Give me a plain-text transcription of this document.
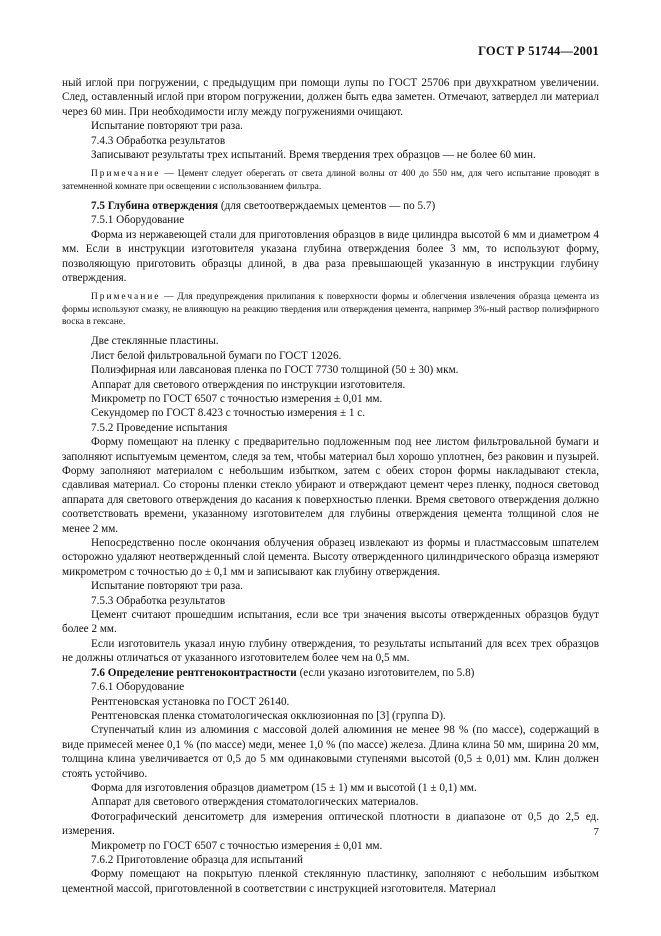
ГОСТ Р 51744—2001

ный иглой при погружении, с предыдущим при помощи лупы по ГОСТ 25706 при двухкратном увеличении. След, оставленный иглой при втором погружении, должен быть едва заметен. Отмечают, затвердел ли материал через 60 мин. При необходимости иглу между погружениями очищают.

Испытание повторяют три раза.

7.4.3 Обработка результатов

Записывают результаты трех испытаний. Время твердения трех образцов — не более 60 мин.

Примечание — Цемент следует оберегать от света длиной волны от 400 до 550 нм, для чего испытание проводят в затемненной комнате при освещении с использованием фильтра.

7.5 Глубина отверждения (для светоотверждаемых цементов — по 5.7)

7.5.1 Оборудование

Форма из нержавеющей стали для приготовления образцов в виде цилиндра высотой 6 мм и диаметром 4 мм. Если в инструкции изготовителя указана глубина отверждения более 3 мм, то используют форму, позволяющую приготовить образцы длиной, в два раза превышающей указанную в инструкции глубину отверждения.

Примечание — Для предупреждения прилипания к поверхности формы и облегчения извлечения образца цемента из формы используют смазку, не влияющую на реакцию твердения или отверждения цемента, например 3%-ный раствор полиэфирного воска в гексане.

Две стеклянные пластины.

Лист белой фильтровальной бумаги по ГОСТ 12026.

Полиэфирная или лавсановая пленка по ГОСТ 7730 толщиной (50 ± 30) мкм.

Аппарат для светового отверждения по инструкции изготовителя.

Микрометр по ГОСТ 6507 с точностью измерения ± 0,01 мм.

Секундомер по ГОСТ 8.423 с точностью измерения ± 1 с.

7.5.2 Проведение испытания

Форму помещают на пленку с предварительно подложенным под нее листом фильтровальной бумаги и заполняют испытуемым цементом, следя за тем, чтобы материал был хорошо уплотнен, без раковин и пузырей. Форму заполняют материалом с небольшим избытком, затем с обеих сторон формы накладывают стекла, сдавливая материал. Со стороны пленки стекло убирают и отверждают цемент через пленку, поднося световод аппарата для светового отверждения до касания к поверхностью пленки. Время светового отверждения должно соответствовать времени, указанному изготовителем для глубины отверждения цемента толщиной слоя не менее 2 мм.

Непосредственно после окончания облучения образец извлекают из формы и пластмассовым шпателем осторожно удаляют неотвержденный слой цемента. Высоту отвержденного цилиндрического образца измеряют микрометром с точностью до ± 0,1 мм и записывают как глубину отверждения.

Испытание повторяют три раза.

7.5.3 Обработка результатов

Цемент считают прошедшим испытания, если все три значения высоты отвержденных образцов будут более 2 мм.

Если изготовитель указал иную глубину отверждения, то результаты испытаний для всех трех образцов не должны отличаться от указанного изготовителем более чем на 0,5 мм.

7.6 Определение рентгеноконтрастности (если указано изготовителем, по 5.8)

7.6.1 Оборудование

Рентгеновская установка по ГОСТ 26140.

Рентгеновская пленка стоматологическая окклюзионная по [3] (группа D).

Ступенчатый клин из алюминия с массовой долей алюминия не менее 98 % (по массе), содержащий в виде примесей менее 0,1 % (по массе) меди, менее 1,0 % (по массе) железа. Длина клина 50 мм, ширина 20 мм, толщина клина увеличивается от 0,5 до 5 мм одинаковыми ступенями высотой (0,5 ± 0,01) мм. Клин должен стоять устойчиво.

Форма для изготовления образцов диаметром (15 ± 1) мм и высотой (1 ± 0,1) мм.

Аппарат для светового отверждения стоматологических материалов.

Фотографический денситометр для измерения оптической плотности в диапазоне от 0,5 до 2,5 ед. измерения.

Микрометр по ГОСТ 6507 с точностью измерения ± 0,01 мм.

7.6.2 Приготовление образца для испытаний

Форму помещают на покрытую пленкой стеклянную пластинку, заполняют с небольшим избытком цементной массой, приготовленной в соответствии с инструкцией изготовителя. Материал

7
